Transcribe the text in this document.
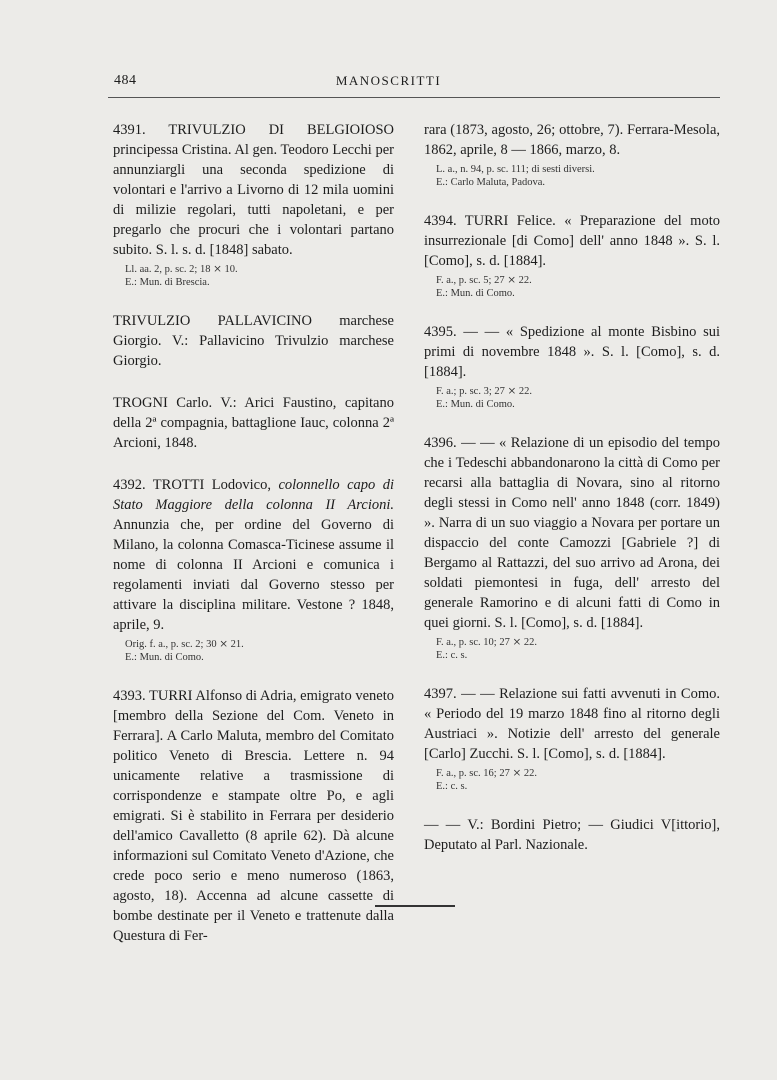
484	MANOSCRITTI

4391. TRIVULZIO DI BELGIOIOSO principessa Cristina. Al gen. Teodoro Lecchi per annunziargli una seconda spedizione di volontari e l'arrivo a Livorno di 12 mila uomini di milizie regolari, tutti napoletani, e per pregarlo che procuri che i volontari partano subito. S. l. s. d. [1848] sabato.

Ll. aa. 2, p. sc. 2; 18 ⨯ 10.
E.: Mun. di Brescia.

TRIVULZIO PALLAVICINO marchese Giorgio. V.: Pallavicino Trivulzio marchese Giorgio.

TROGNI Carlo. V.: Arici Faustino, capitano della 2ª compagnia, battaglione Iauc, colonna 2ª Arcioni, 1848.

4392. TROTTI Lodovico, colonnello capo di Stato Maggiore della colonna II Arcioni. Annunzia che, per ordine del Governo di Milano, la colonna Comasca-Ticinese assume il nome di colonna II Arcioni e comunica i regolamenti inviati dal Governo stesso per attivare la disciplina militare. Vestone ? 1848, aprile, 9.

Orig. f. a., p. sc. 2; 30 ⨯ 21.
E.: Mun. di Como.

4393. TURRI Alfonso di Adria, emigrato veneto [membro della Sezione del Com. Veneto in Ferrara]. A Carlo Maluta, membro del Comitato politico Veneto di Brescia. Lettere n. 94 unicamente relative a trasmissione di corrispondenze e stampate oltre Po, e agli emigrati. Si è stabilito in Ferrara per desiderio dell'amico Cavalletto (8 aprile 62). Dà alcune informazioni sul Comitato Veneto d'Azione, che crede poco serio e meno numeroso (1863, agosto, 18). Accenna ad alcune cassette di bombe destinate per il Veneto e trattenute dalla Questura di Fer-

rara (1873, agosto, 26; ottobre, 7). Ferrara-Mesola, 1862, aprile, 8 — 1866, marzo, 8.

L. a., n. 94, p. sc. 111; di sesti diversi.
E.: Carlo Maluta, Padova.

4394. TURRI Felice. « Preparazione del moto insurrezionale [di Como] dell' anno 1848 ». S. l. [Como], s. d. [1884].

F. a., p. sc. 5; 27 ⨯ 22.
E.: Mun. di Como.

4395. — — « Spedizione al monte Bisbino sui primi di novembre 1848 ». S. l. [Como], s. d. [1884].

F. a.; p. sc. 3; 27 ⨯ 22.
E.: Mun. di Como.

4396. — — « Relazione di un episodio del tempo che i Tedeschi abbandonarono la città di Como per recarsi alla battaglia di Novara, sino al ritorno degli stessi in Como nell' anno 1848 (corr. 1849) ». Narra di un suo viaggio a Novara per portare un dispaccio del conte Camozzi [Gabriele ?] di Bergamo al Rattazzi, del suo arrivo ad Arona, dei soldati piemontesi in fuga, dell' arresto del generale Ramorino e di alcuni fatti di Como in quei giorni. S. l. [Como], s. d. [1884].

F. a., p. sc. 10; 27 ⨯ 22.
E.: c. s.

4397. — — Relazione sui fatti avvenuti in Como. « Periodo del 19 marzo 1848 fino al ritorno degli Austriaci ». Notizie dell' arresto del generale [Carlo] Zucchi. S. l. [Como], s. d. [1884].

F. a., p. sc. 16; 27 ⨯ 22.
E.: c. s.

— — V.: Bordini Pietro; — Giudici V[ittorio], Deputato al Parl. Nazionale.
